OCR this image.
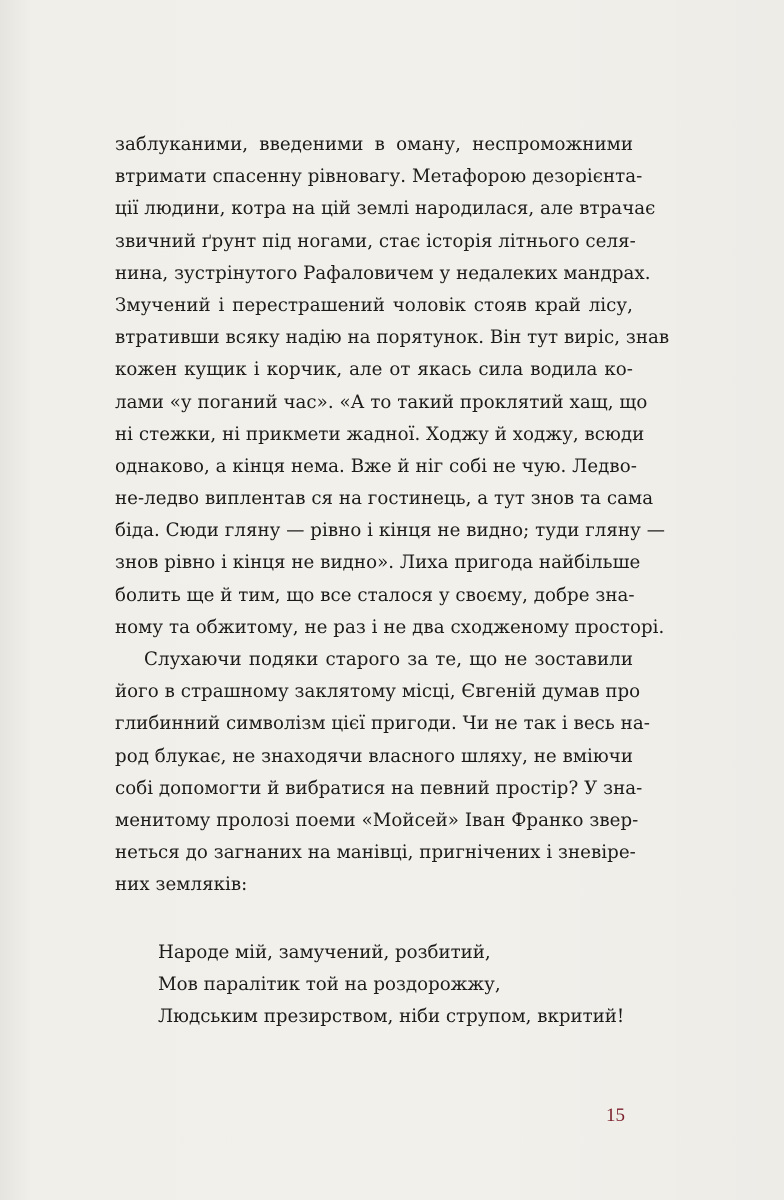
заблуканими, введеними в оману, неспроможними
втримати спасенну рівновагу. Метафорою дезорієнта-
ції людини, котра на цій землі народилася, але втрачає
звичний ґрунт під ногами, стає історія літнього селя-
нина, зустрінутого Рафаловичем у недалеких мандрах.
Змучений і перестрашений чоловік стояв край лісу,
втративши всяку надію на порятунок. Він тут виріс, знав
кожен кущик і корчик, але от якась сила водила ко-
лами «у поганий час». «А то такий проклятий хащ, що
ні стежки, ні прикмети жадної. Ходжу й ходжу, всюди
однаково, а кінця нема. Вже й ніг собі не чую. Ледво-
не-ледво виплентав ся на гостинець, а тут знов та сама
біда. Сюди гляну — рівно і кінця не видно; туди гляну —
знов рівно і кінця не видно». Лиха пригода найбільше
болить ще й тим, що все сталося у своєму, добре зна-
ному та обжитому, не раз і не два сходженому просторі.
Слухаючи подяки старого за те, що не зоставили
його в страшному заклятому місці, Євгеній думав про
глибинний символізм цієї пригоди. Чи не так і весь на-
род блукає, не знаходячи власного шляху, не вміючи
собі допомогти й вибратися на певний простір? У зна-
менитому пролозі поеми «Мойсей» Іван Франко звер-
неться до загнаних на манівці, пригнічених і зневіре-
них земляків:
Народе мій, замучений, розбитий,
Мов паралітик той на роздорожжу,
Людським презирством, ніби струпом, вкритий!
15
